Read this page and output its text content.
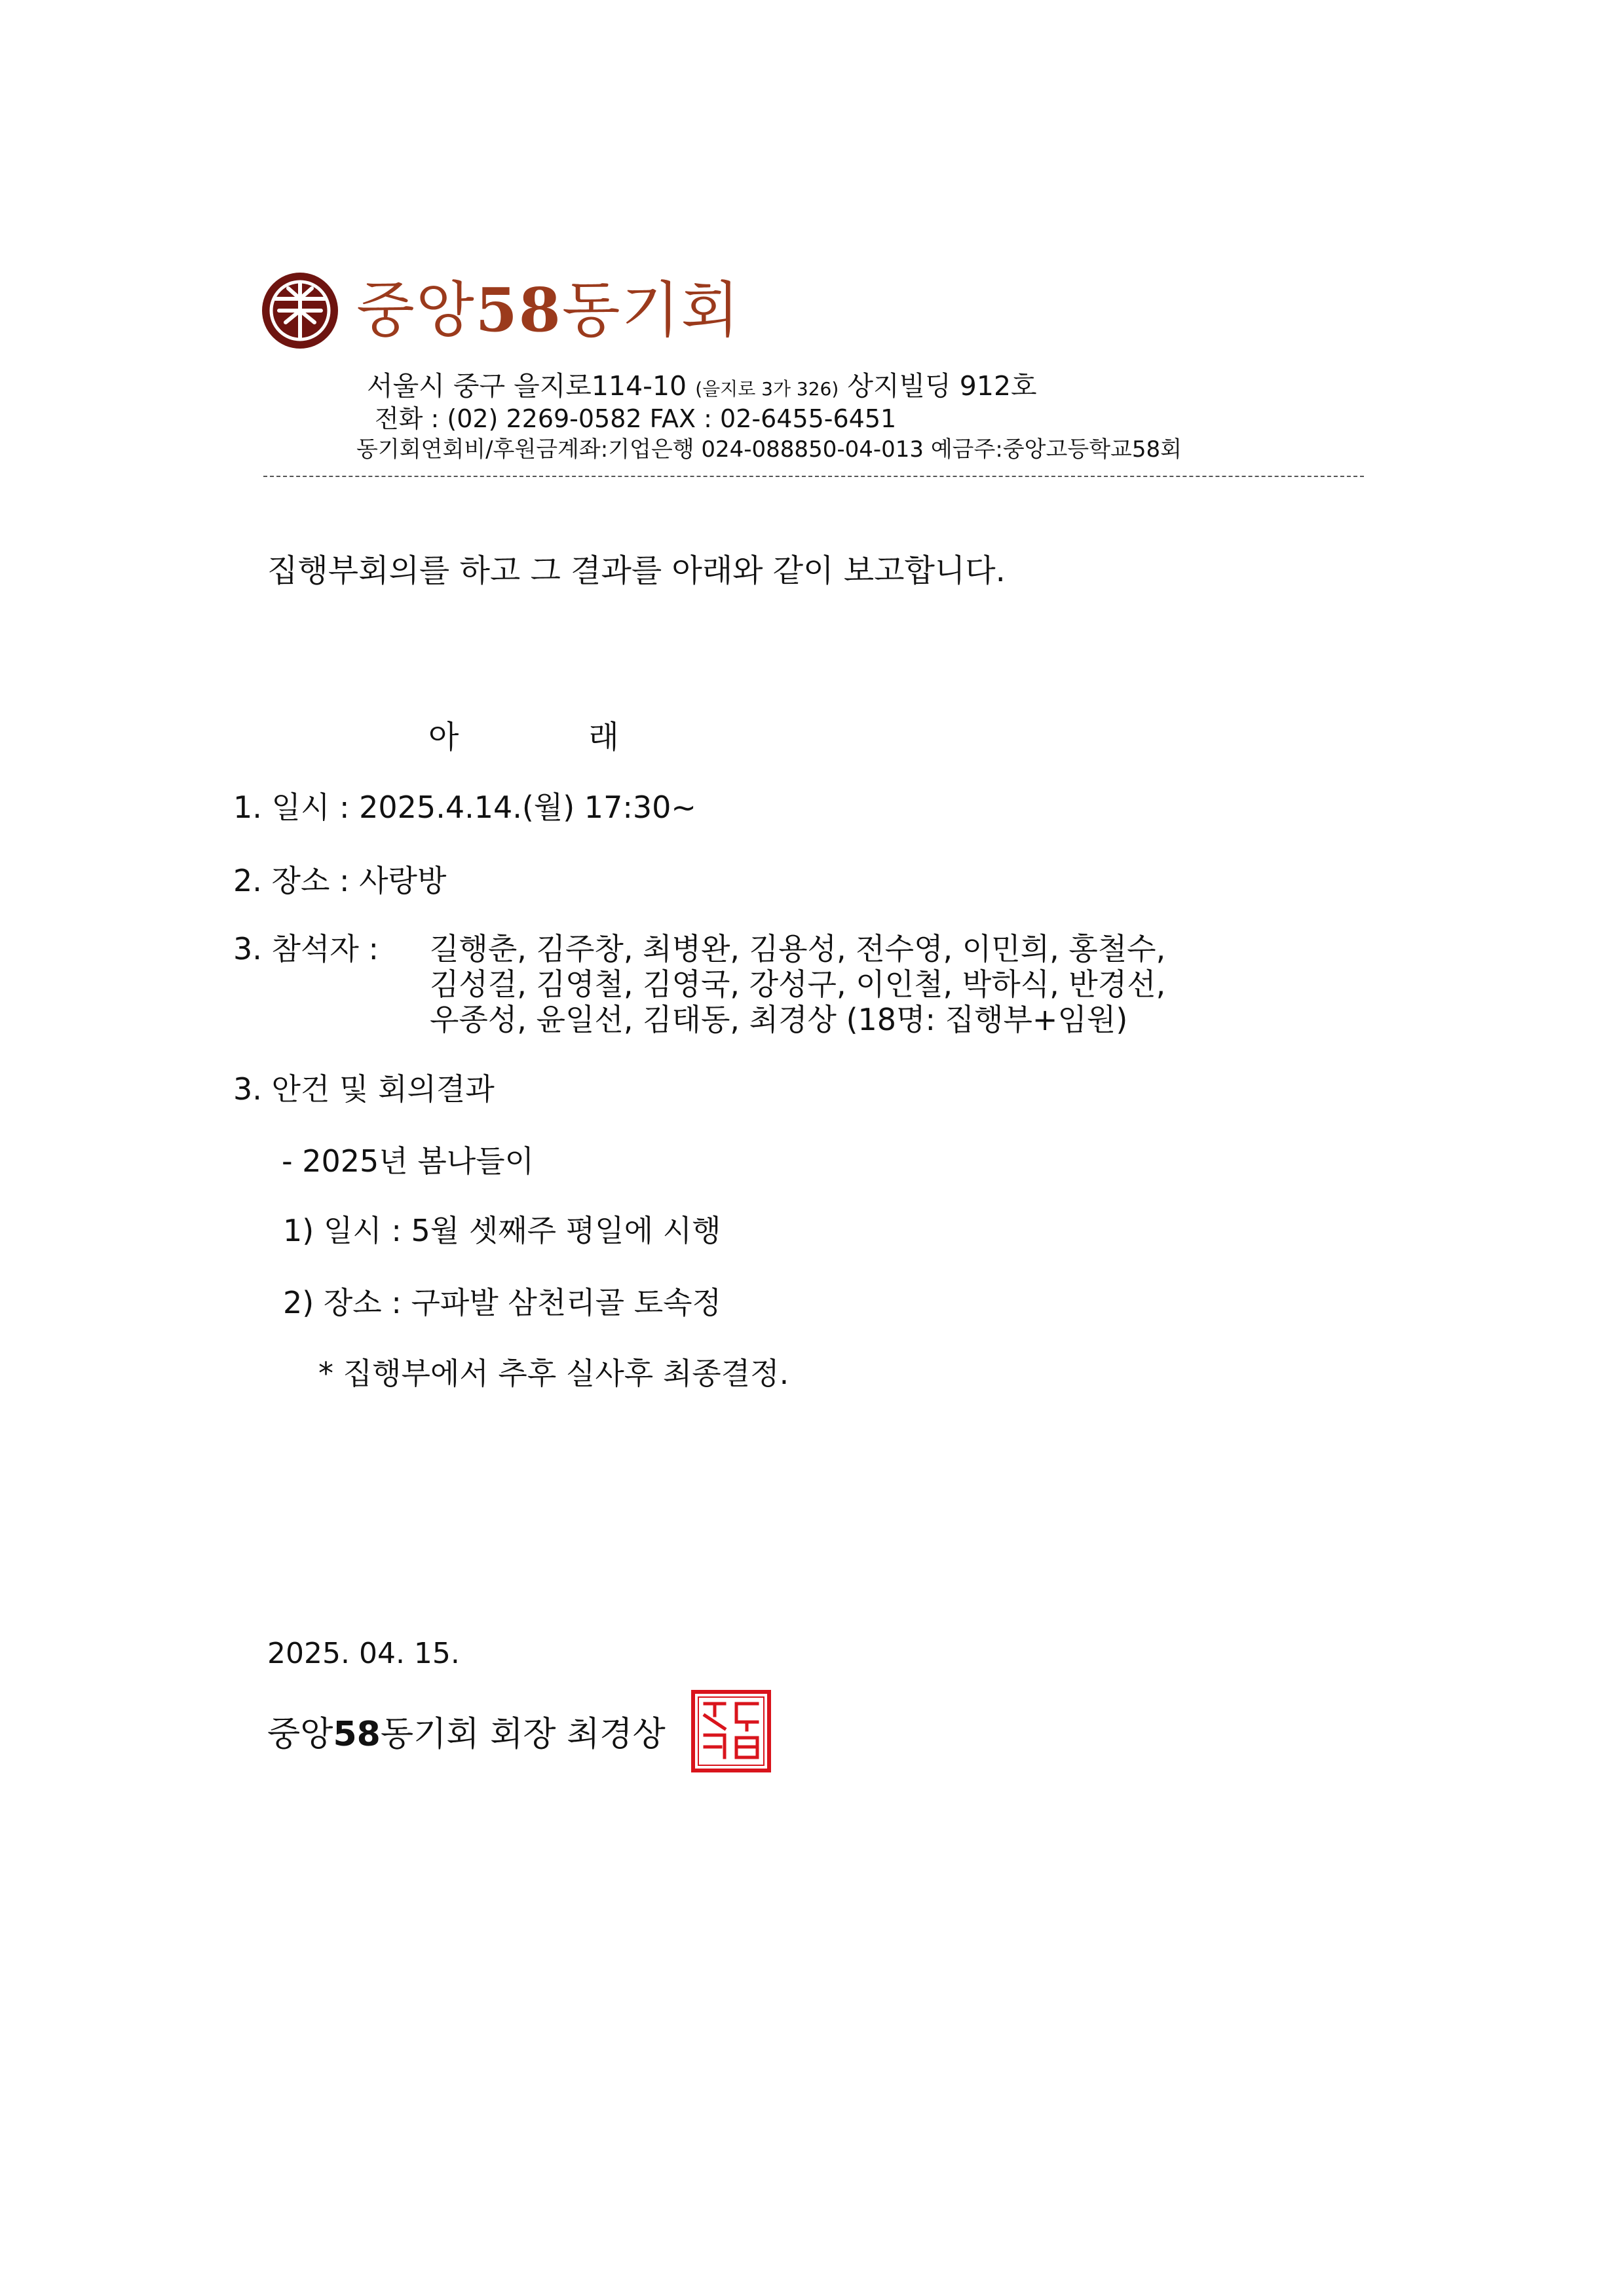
중앙58동기회
서울시 중구 을지로114-10 (을지로 3가 326) 상지빌딩 912호
전화 : (02) 2269-0582 FAX : 02-6455-6451
동기회연회비/후원금계좌:기업은행 024-088850-04-013 예금주:중앙고등학교58회
집행부회의를 하고 그 결과를 아래와 같이 보고합니다.
아	래
1. 일시 : 2025.4.14.(월) 17:30~
2. 장소 : 사랑방
3. 참석자 : 길행춘, 김주창, 최병완, 김용성, 전수영, 이민희, 홍철수,
김성걸, 김영철, 김영국, 강성구, 이인철, 박하식, 반경선,
우종성, 윤일선, 김태동, 최경상 (18명: 집행부+임원)
3. 안건 및 회의결과
- 2025년 봄나들이
1) 일시 : 5월 셋째주 평일에 시행
2) 장소 : 구파발 삼천리골 토속정
* 집행부에서 추후 실사후 최종결정.
2025. 04. 15.
중앙58동기회 회장 최경상
